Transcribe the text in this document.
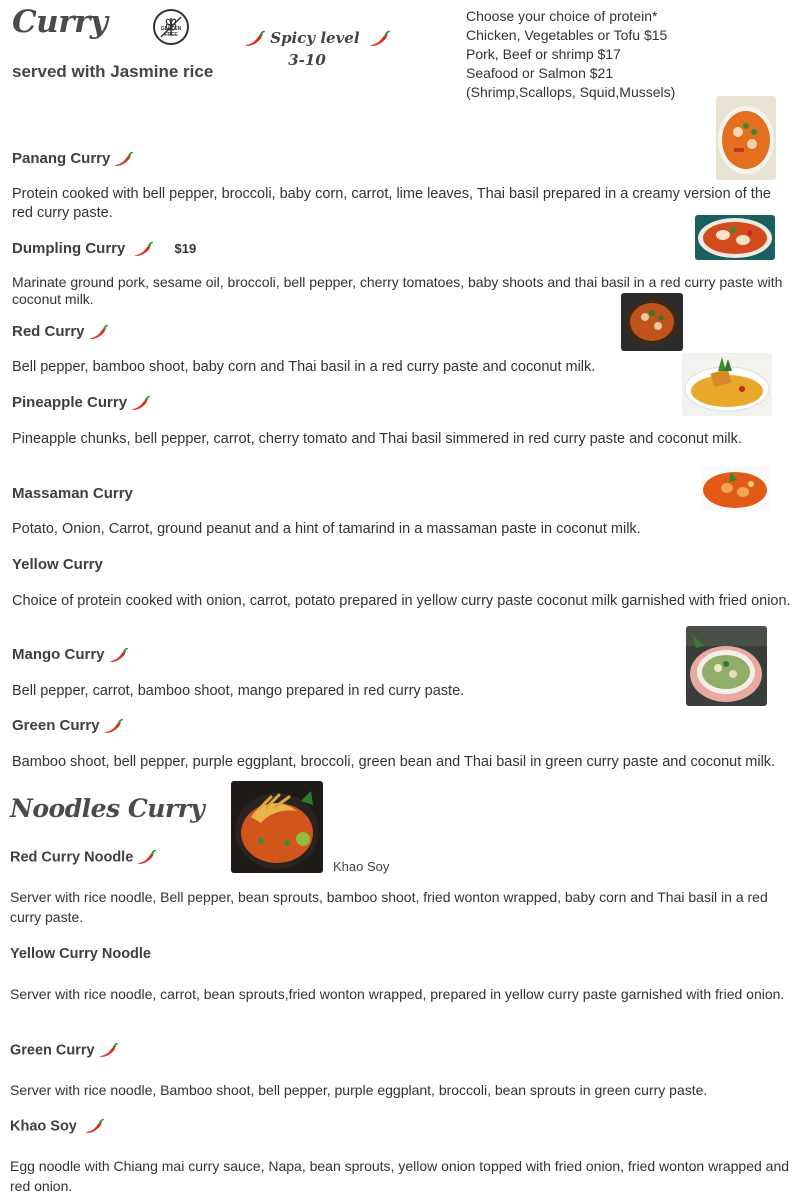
Curry
served with Jasmine rice
GLUTEN FREE	Spicy level
3-10
Choose your choice of protein*
Chicken, Vegetables or Tofu $15
Pork, Beef or shrimp $17
Seafood or Salmon $21
(Shrimp,Scallops, Squid,Mussels)
Panang Curry
Protein cooked with bell pepper, broccoli, baby corn, carrot, lime leaves, Thai basil prepared in a creamy version of the red curry paste.
Dumpling Curry	$19
Marinate ground pork, sesame oil, broccoli, bell pepper, cherry tomatoes, baby shoots and thai basil in a red curry paste with coconut milk.
Red Curry
Bell pepper, bamboo shoot, baby corn and Thai basil in a red curry paste and coconut milk.
Pineapple Curry
Pineapple chunks, bell pepper, carrot, cherry tomato and Thai basil simmered in red curry paste and coconut milk.
Massaman Curry
Potato, Onion, Carrot, ground peanut and a hint of tamarind in a massaman paste in coconut milk.
Yellow Curry
Choice of protein cooked with onion, carrot, potato prepared in yellow curry paste coconut milk garnished with fried onion.
Mango Curry
Bell pepper, carrot, bamboo shoot, mango prepared in red curry paste.
Green Curry
Bamboo shoot, bell pepper, purple eggplant, broccoli, green bean and Thai basil in green curry paste and coconut milk.
Noodles Curry
Khao Soy
Red Curry Noodle
Server with rice noodle, Bell pepper, bean sprouts, bamboo shoot, fried wonton wrapped, baby corn and Thai basil in a red curry paste.
Yellow Curry Noodle
Server with rice noodle, carrot, bean sprouts,fried wonton wrapped, prepared in yellow curry paste garnished with fried onion.
Green Curry
Server with rice noodle, Bamboo shoot, bell pepper, purple eggplant, broccoli, bean sprouts in green curry paste.
Khao Soy
Egg noodle with Chiang mai curry sauce, Napa, bean sprouts, yellow onion topped with fried onion, fried wonton wrapped and red onion.
